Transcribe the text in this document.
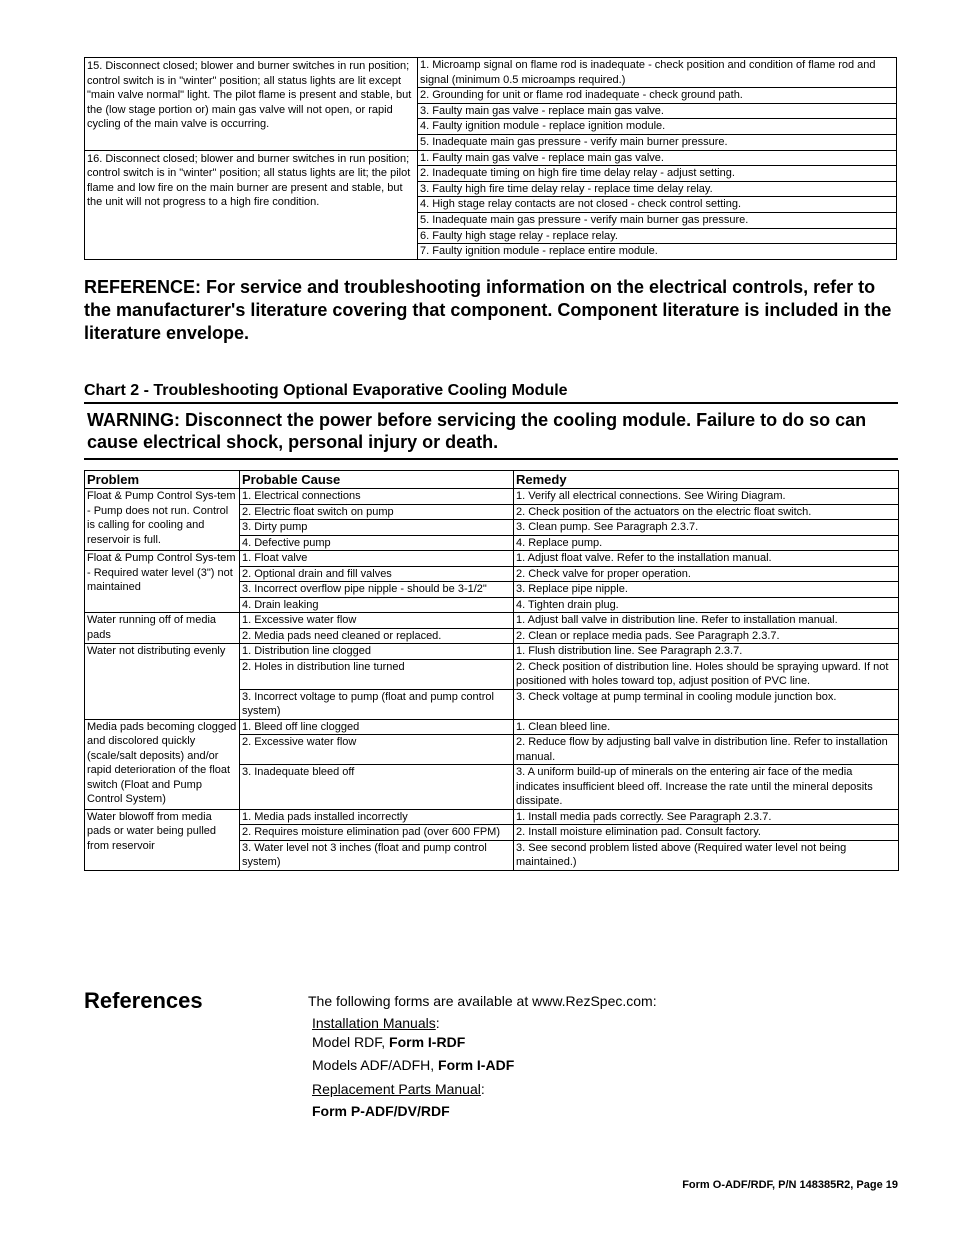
15. Disconnect closed; blower and burner switches in run position; control switch is in "winter" position; all status lights are lit except "main valve normal" light. The pilot flame is present and stable, but the (low stage portion or) main gas valve will not open, or rapid cycling of the main valve is occurring.	1. Microamp signal on flame rod is inadequate - check position and condition of flame rod and signal (minimum 0.5 microamps required.)
	2. Grounding for unit or flame rod inadequate - check ground path.
	3. Faulty main gas valve - replace main gas valve.
	4. Faulty ignition module - replace ignition module.
	5. Inadequate main gas pressure - verify main burner pressure.
16. Disconnect closed; blower and burner switches in run position; control switch is in "winter" position; all status lights are lit; the pilot flame and low fire on the main burner are present and stable, but the unit will not progress to a high fire condition.	1. Faulty main gas valve - replace main gas valve.
	2. Inadequate timing on high fire time delay relay - adjust setting.
	3. Faulty high fire time delay relay - replace time delay relay.
	4. High stage relay contacts are not closed - check control setting.
	5. Inadequate main gas pressure - verify main burner gas pressure.
	6. Faulty high stage relay - replace relay.
	7. Faulty ignition module - replace entire module.

REFERENCE: For service and troubleshooting information on the electrical controls, refer to the manufacturer's literature covering that component. Component literature is included in the literature envelope.

Chart 2 - Troubleshooting Optional Evaporative Cooling Module

WARNING: Disconnect the power before servicing the cooling module. Failure to do so can cause electrical shock, personal injury or death.

Problem	Probable Cause	Remedy
Float & Pump Control Sys-tem - Pump does not run. Control is calling for cooling and reservoir is full.	1. Electrical connections	1. Verify all electrical connections. See Wiring Diagram.
	2. Electric float switch on pump	2. Check position of the actuators on the electric float switch.
	3. Dirty pump	3. Clean pump. See Paragraph 2.3.7.
	4. Defective pump	4. Replace pump.
Float & Pump Control Sys-tem - Required water level (3") not maintained	1. Float valve	1. Adjust float valve. Refer to the installation manual.
	2. Optional drain and fill valves	2. Check valve for proper operation.
	3. Incorrect overflow pipe nipple - should be 3-1/2"	3. Replace pipe nipple.
	4. Drain leaking	4. Tighten drain plug.
Water running off of media pads	1. Excessive water flow	1. Adjust ball valve in distribution line. Refer to installation manual.
	2. Media pads need cleaned or replaced.	2. Clean or replace media pads. See Paragraph 2.3.7.
Water not distributing evenly	1. Distribution line clogged	1. Flush distribution line. See Paragraph 2.3.7.
	2. Holes in distribution line turned	2. Check position of distribution line. Holes should be spraying upward. If not positioned with holes toward top, adjust position of PVC line.
	3. Incorrect voltage to pump (float and pump control system)	3. Check voltage at pump terminal in cooling module junction box.
Media pads becoming clogged and discolored quickly (scale/salt deposits) and/or rapid deterioration of the float switch (Float and Pump Control System)	1. Bleed off line clogged	1. Clean bleed line.
	2. Excessive water flow	2. Reduce flow by adjusting ball valve in distribution line. Refer to installation manual.
	3. Inadequate bleed off	3. A uniform build-up of minerals on the entering air face of the media indicates insufficient bleed off. Increase the rate until the mineral deposits dissipate.
Water blowoff from media pads or water being pulled from reservoir	1. Media pads installed incorrectly	1. Install media pads correctly. See Paragraph 2.3.7.
	2. Requires moisture elimination pad (over 600 FPM)	2. Install moisture elimination pad. Consult factory.
	3. Water level not 3 inches (float and pump control system)	3. See second problem listed above (Required water level not being maintained.)
References	The following forms are available at www.RezSpec.com:

Installation Manuals:

Model RDF, Form I-RDF

Models ADF/ADFH, Form I-ADF

Replacement Parts Manual:

Form P-ADF/DV/RDF

Form O-ADF/RDF, P/N 148385R2, Page 19
